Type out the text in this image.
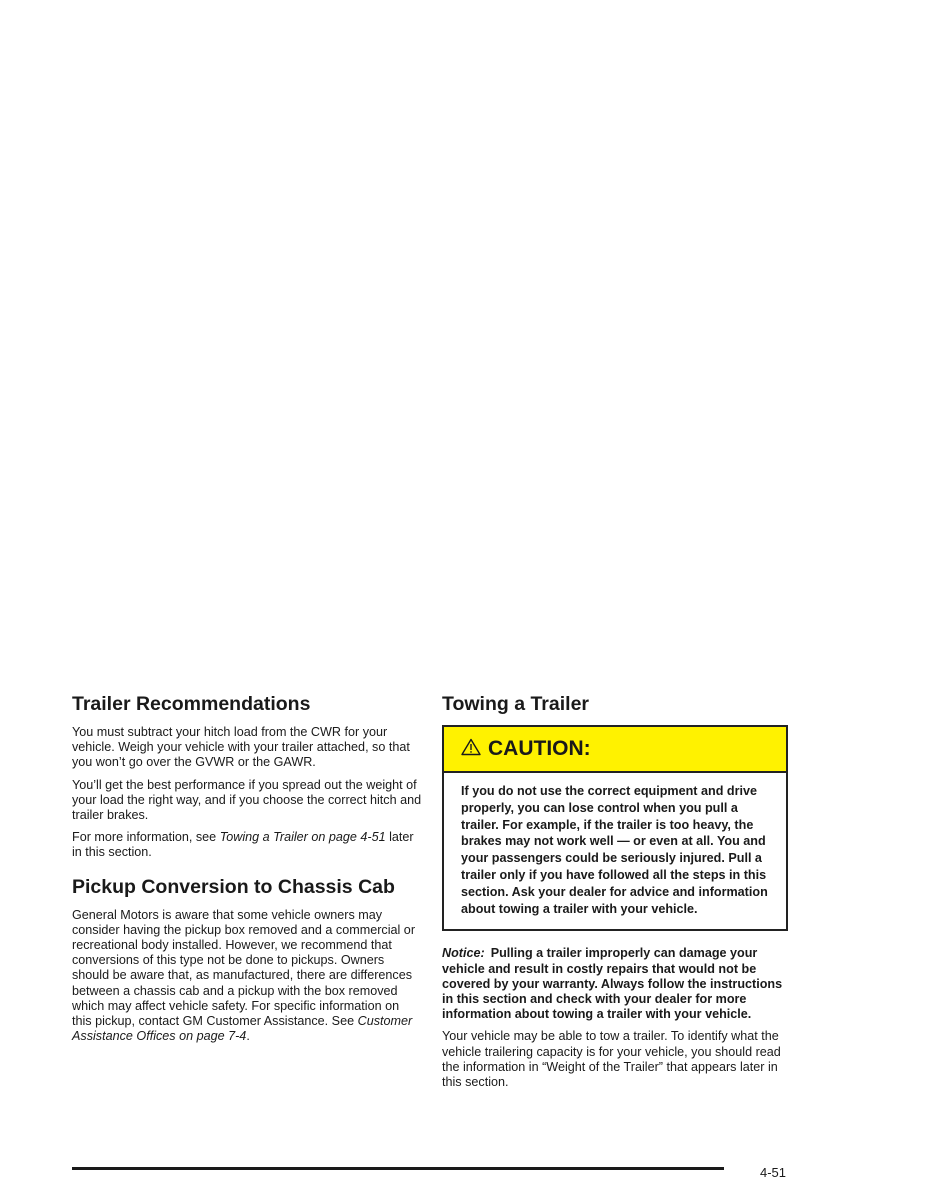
Trailer Recommendations

You must subtract your hitch load from the CWR for your vehicle. Weigh your vehicle with your trailer attached, so that you won’t go over the GVWR or the GAWR.

You’ll get the best performance if you spread out the weight of your load the right way, and if you choose the correct hitch and trailer brakes.

For more information, see Towing a Trailer on page 4-51 later in this section.

Pickup Conversion to Chassis Cab

General Motors is aware that some vehicle owners may consider having the pickup box removed and a commercial or recreational body installed. However, we recommend that conversions of this type not be done to pickups. Owners should be aware that, as manufactured, there are differences between a chassis cab and a pickup with the box removed which may affect vehicle safety. For specific information on this pickup, contact GM Customer Assistance. See Customer Assistance Offices on page 7-4.

Towing a Trailer
CAUTION:
If you do not use the correct equipment and drive properly, you can lose control when you pull a trailer. For example, if the trailer is too heavy, the brakes may not work well — or even at all. You and your passengers could be seriously injured. Pull a trailer only if you have followed all the steps in this section. Ask your dealer for advice and information about towing a trailer with your vehicle.

Notice: Pulling a trailer improperly can damage your vehicle and result in costly repairs that would not be covered by your warranty. Always follow the instructions in this section and check with your dealer for more information about towing a trailer with your vehicle.

Your vehicle may be able to tow a trailer. To identify what the vehicle trailering capacity is for your vehicle, you should read the information in “Weight of the Trailer” that appears later in this section.

4-51
